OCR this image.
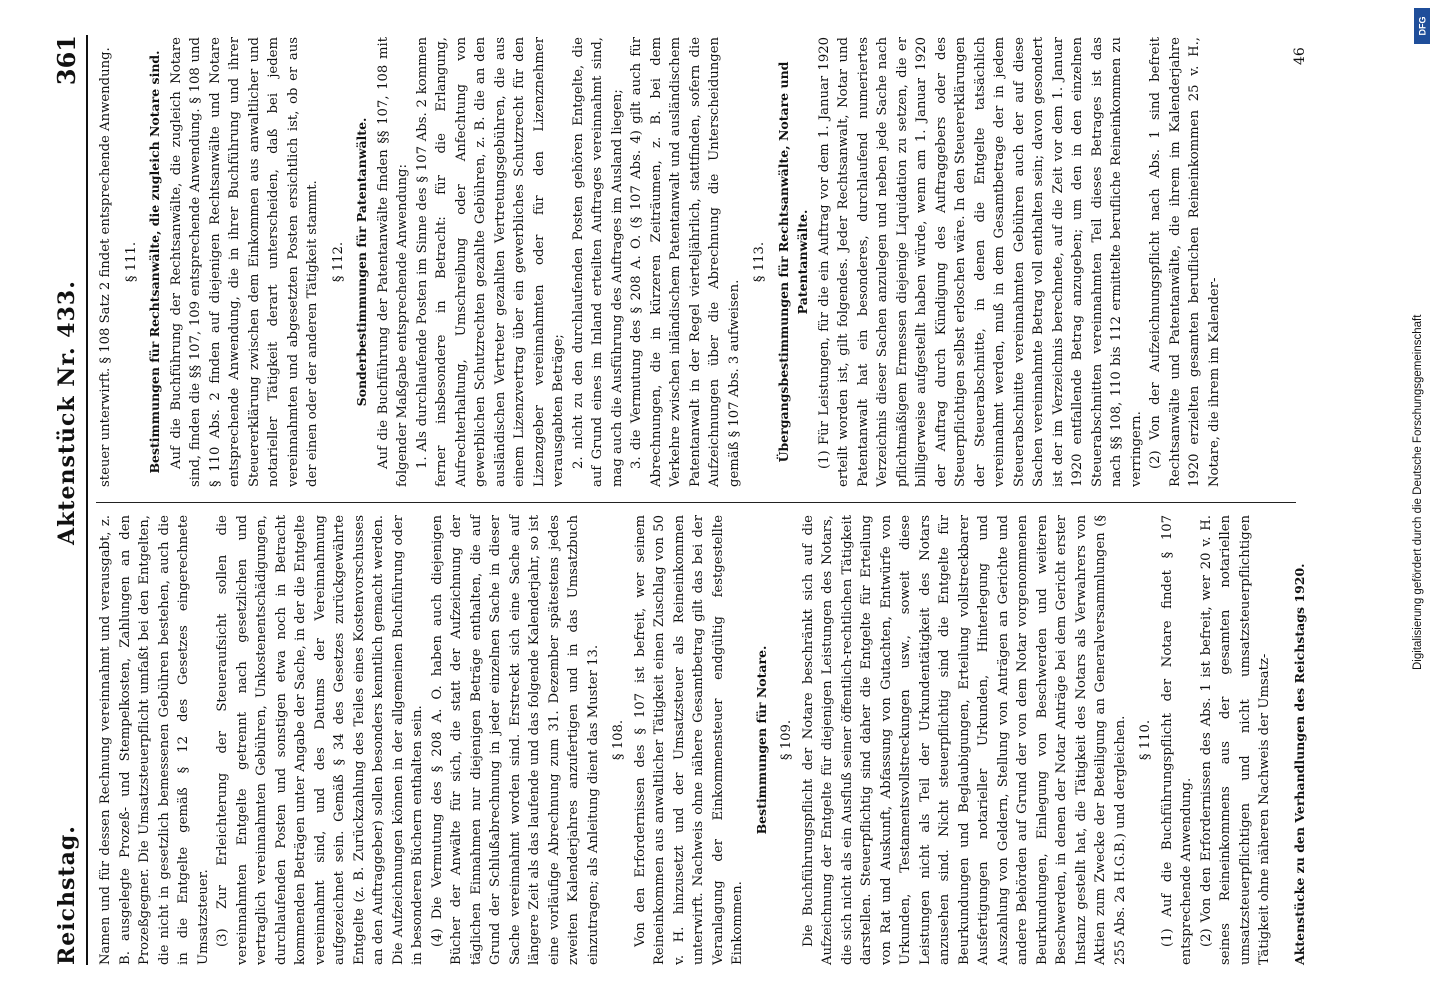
Reichstag.
Aktenstück Nr. 433.
361

Namen und für dessen Rechnung vereinnahmt und verausgabt, z. B. ausgelegte Prozeß- und Stempelkosten, Zahlungen an den Prozeßgegner. Die Umsatzsteuerpflicht umfaßt bei den Entgelten, die nicht in gesetzlich bemessenen Gebühren bestehen, auch die in die Entgelte gemäß § 12 des Gesetzes eingerechnete Umsatzsteuer. (3) Zur Erleichterung der Steueraufsicht sollen die vereinnahmten Entgelte getrennt nach gesetzlichen und vertraglich vereinnahmten Gebühren, Unkostenentschädigungen, durchlaufenden Posten und sonstigen etwa noch in Betracht kommenden Beträgen unter Angabe der Sache, in der die Entgelte vereinnahmt sind, und des Datums der Vereinnahmung aufgezeichnet sein. Gemäß § 34 des Gesetzes zurückgewährte Entgelte (z. B. Zurückzahlung des Teiles eines Kostenvorschusses an den Auftraggeber) sollen besonders kenntlich gemacht werden. Die Aufzeichnungen können in der allgemeinen Buchführung oder in besonderen Büchern enthalten sein. (4) Die Vermutung des § 208 A. O. haben auch diejenigen Bücher der Anwälte für sich, die statt der Aufzeichnung der täglichen Einnahmen nur diejenigen Beträge enthalten, die auf Grund der Schlußabrechnung in jeder einzelnen Sache in dieser Sache vereinnahmt worden sind. Erstreckt sich eine Sache auf längere Zeit als das laufende und das folgende Kalenderjahr, so ist eine vorläufige Abrechnung zum 31. Dezember spätestens jedes zweiten Kalenderjahres anzufertigen und in das Umsatzbuch einzutragen; als Anleitung dient das Muster 13. § 108. Von den Erfordernissen des § 107 ist befreit, wer seinem Reineinkommen aus anwaltlicher Tätigkeit einen Zuschlag von 50 v. H. hinzusetzt und der Umsatzsteuer als Reineinkommen unterwirft. Nachweis ohne nähere Gesamtbetrag gilt das bei der Veranlagung der Einkommensteuer endgültig festgestellte Einkommen.

Bestimmungen für Notare. § 109. Die Buchführungspflicht der Notare beschränkt sich auf die Aufzeichnung der Entgelte für diejenigen Leistungen des Notars, die sich nicht als ein Ausfluß seiner öffentlich-rechtlichen Tätigkeit darstellen. Steuerpflichtig sind daher die Entgelte für Erteilung von Rat und Auskunft, Abfassung von Gutachten, Entwürfe von Urkunden, Testamentsvollstreckungen usw., soweit diese Leistungen nicht als Teil der Urkundentätigkeit des Notars anzusehen sind. Nicht steuerpflichtig sind die Entgelte für Beurkundungen und Beglaubigungen, Erteilung vollstreckbarer Ausfertigungen notarieller Urkunden, Hinterlegung und Auszahlung von Geldern, Stellung von Anträgen an Gerichte und andere Behörden auf Grund der von dem Notar vorgenommenen Beurkundungen, Einlegung von Beschwerden und weiteren Beschwerden, in denen der Notar Anträge bei dem Gericht erster Instanz gestellt hat, die Tätigkeit des Notars als Verwahrers von Aktien zum Zwecke der Beteiligung an Generalversammlungen (§ 255 Abs. 2a H.G.B.) und dergleichen. § 110. (1) Auf die Buchführungspflicht der Notare findet § 107 entsprechende Anwendung. (2) Von den Erfordernissen des Abs. 1 ist befreit, wer 20 v. H. seines Reineinkommens aus der gesamten notariellen umsatzsteuerpflichtigen und nicht umsatzsteuerpflichtigen Tätigkeit ohne näheren Nachweis der Umsatz-

steuer unterwirft. § 108 Satz 2 findet entsprechende Anwendung. § 111. Bestimmungen für Rechtsanwälte, die zugleich Notare sind. Auf die Buchführung der Rechtsanwälte, die zugleich Notare sind, finden die §§ 107, 109 entsprechende Anwendung. § 108 und § 110 Abs. 2 finden auf diejenigen Rechtsanwälte und Notare entsprechende Anwendung, die in ihrer Buchführung und ihrer Steuererklärung zwischen dem Einkommen aus anwaltlicher und notarieller Tätigkeit derart unterscheiden, daß bei jedem vereinnahmten und abgesetzten Posten ersichtlich ist, ob er aus der einen oder der anderen Tätigkeit stammt. § 112. Sonderbestimmungen für Patentanwälte. Auf die Buchführung der Patentanwälte finden §§ 107, 108 mit folgender Maßgabe entsprechende Anwendung: 1. Als durchlaufende Posten im Sinne des § 107 Abs. 2 kommen ferner insbesondere in Betracht: für die Erlangung, Aufrechterhaltung, Umschreibung oder Anfechtung von gewerblichen Schutzrechten gezahlte Gebühren, z. B. die an den ausländischen Vertreter gezahlten Vertretungsgebühren, die aus einem Lizenzvertrag über ein gewerbliches Schutzrecht für den Lizenzgeber vereinnahmten oder für den Lizenznehmer verausgabten Beträge; 2. nicht zu den durchlaufenden Posten gehören Entgelte, die auf Grund eines im Inland erteilten Auftrages vereinnahmt sind, mag auch die Ausführung des Auftrages im Ausland liegen; 3. die Vermutung des § 208 A. O. (§ 107 Abs. 4) gilt auch für Abrechnungen, die in kürzeren Zeiträumen, z. B. bei dem Verkehre zwischen inländischem Patentanwalt und ausländischem Patentanwalt in der Regel vierteljährlich, stattfinden, sofern die Aufzeichnungen über die Abrechnung die Unterscheidungen gemäß § 107 Abs. 3 aufweisen.

§ 113. Übergangsbestimmungen für Rechtsanwälte, Notare und Patentanwälte. (1) Für Leistungen, für die ein Auftrag vor dem 1. Januar 1920 erteilt worden ist, gilt folgendes. Jeder Rechtsanwalt, Notar und Patentanwalt hat ein besonderes, durchlaufend numeriertes Verzeichnis dieser Sachen anzulegen und neben jede Sache nach pflichtmäßigem Ermessen diejenige Liquidation zu setzen, die er billigerweise aufgestellt haben würde, wenn am 1. Januar 1920 der Auftrag durch Kündigung des Auftraggebers oder des Steuerpflichtigen selbst erloschen wäre. In den Steuererklärungen der Steuerabschnitte, in denen die Entgelte tatsächlich vereinnahmt werden, muß in dem Gesamtbetrage der in jedem Steuerabschnitte vereinnahmten Gebühren auch der auf diese Sachen vereinnahmte Betrag voll enthalten sein; davon gesondert ist der im Verzeichnis berechnete, auf die Zeit vor dem 1. Januar 1920 entfallende Betrag anzugeben; um den in den einzelnen Steuerabschnitten vereinnahmten Teil dieses Betrages ist das nach §§ 108, 110 bis 112 ermittelte berufliche Reineinkommen zu verringern. (2) Von der Aufzeichnungspflicht nach Abs. 1 sind befreit Rechtsanwälte und Patentanwälte, die ihrem im Kalenderjahre 1920 erzielten gesamten beruflichen Reineinkommen 25 v. H., Notare, die ihrem im Kalender-

Aktenstücke zu den Verhandlungen des Reichstags 1920.
46
Digitalisierung gefördert durch die Deutsche Forschungsgemeinschaft
DFG
